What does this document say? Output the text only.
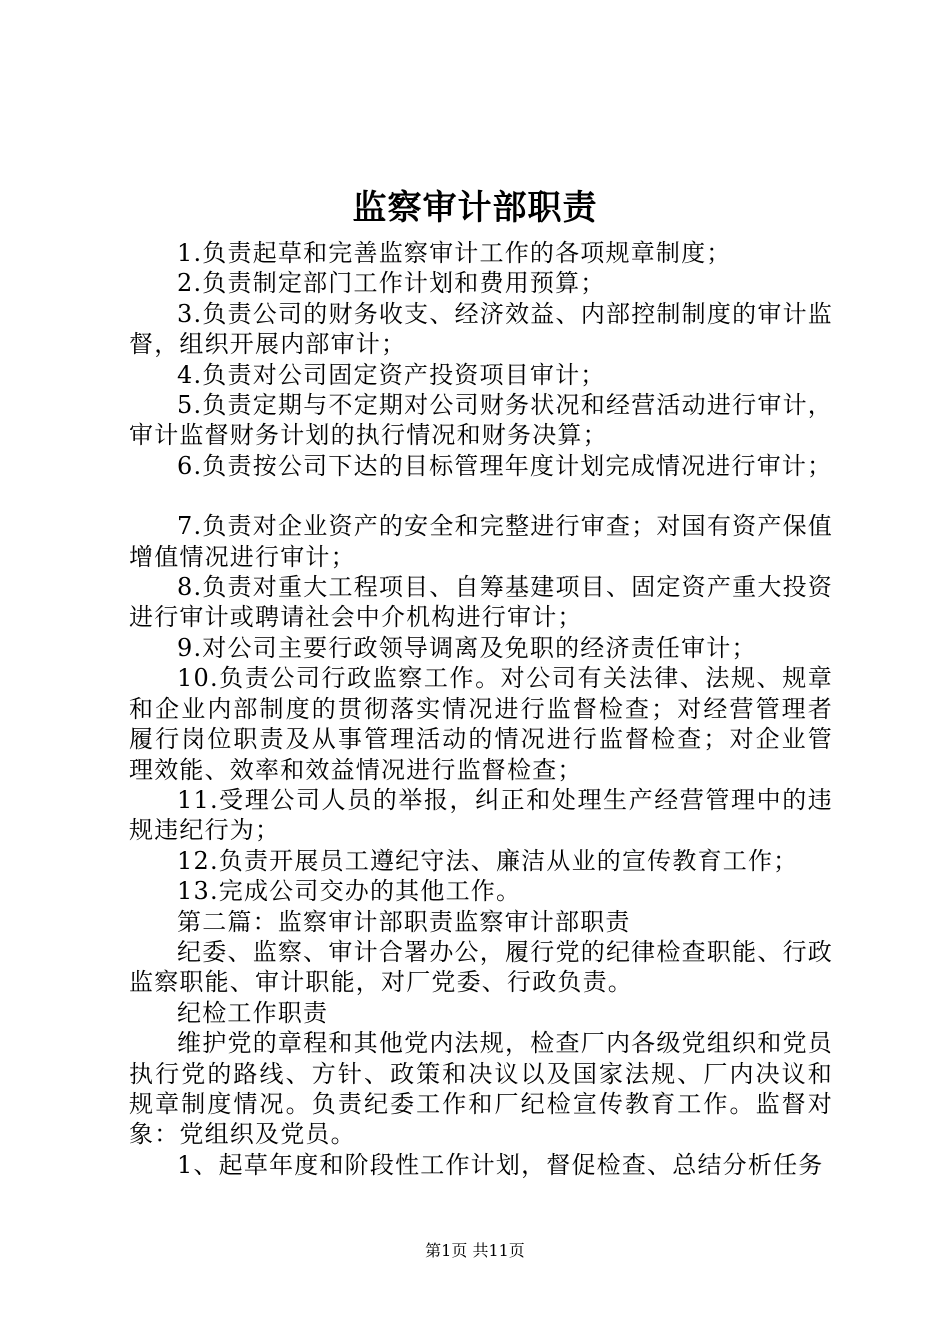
监察审计部职责

1.负责起草和完善监察审计工作的各项规章制度；

2.负责制定部门工作计划和费用预算；

3.负责公司的财务收支、经济效益、内部控制制度的审计监督，组织开展内部审计；

4.负责对公司固定资产投资项目审计；

5.负责定期与不定期对公司财务状况和经营活动进行审计，审计监督财务计划的执行情况和财务决算；

6.负责按公司下达的目标管理年度计划完成情况进行审计；

7.负责对企业资产的安全和完整进行审查；对国有资产保值增值情况进行审计；

8.负责对重大工程项目、自筹基建项目、固定资产重大投资进行审计或聘请社会中介机构进行审计；

9.对公司主要行政领导调离及免职的经济责任审计；

10.负责公司行政监察工作。对公司有关法律、法规、规章和企业内部制度的贯彻落实情况进行监督检查；对经营管理者履行岗位职责及从事管理活动的情况进行监督检查；对企业管理效能、效率和效益情况进行监督检查；

11.受理公司人员的举报，纠正和处理生产经营管理中的违规违纪行为；

12.负责开展员工遵纪守法、廉洁从业的宣传教育工作；

13.完成公司交办的其他工作。

第二篇：监察审计部职责监察审计部职责

纪委、监察、审计合署办公，履行党的纪律检查职能、行政监察职能、审计职能，对厂党委、行政负责。

纪检工作职责

维护党的章程和其他党内法规，检查厂内各级党组织和党员执行党的路线、方针、政策和决议以及国家法规、厂内决议和规章制度情况。负责纪委工作和厂纪检宣传教育工作。监督对象：党组织及党员。

1、起草年度和阶段性工作计划，督促检查、总结分析任务

第1页 共11页
